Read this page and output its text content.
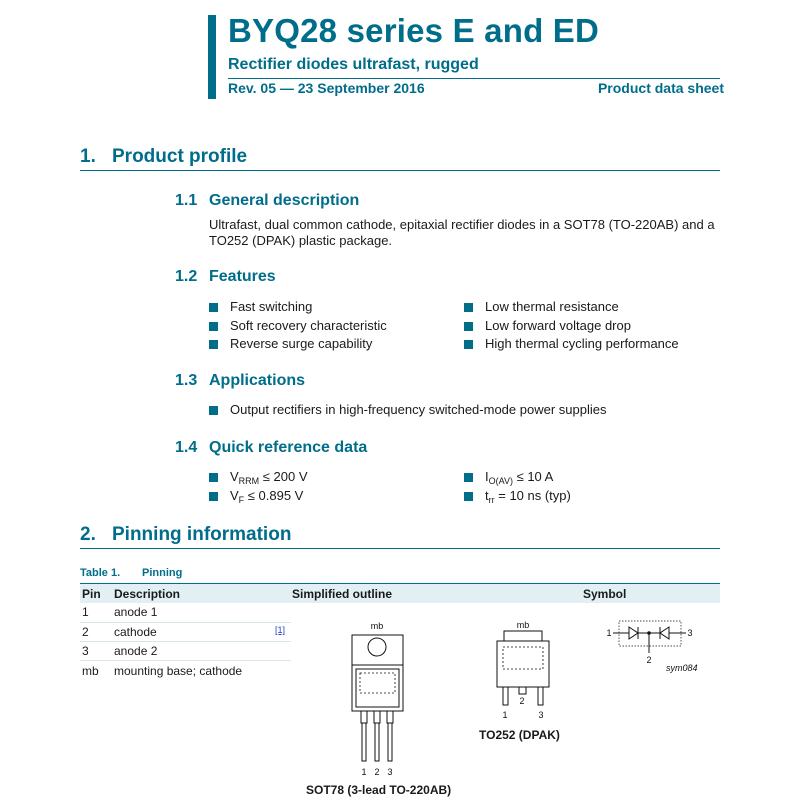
BYQ28 series E and ED
Rectifier diodes ultrafast, rugged
Rev. 05 — 23 September 2016	Product data sheet
1. Product profile
1.1 General description
Ultrafast, dual common cathode, epitaxial rectifier diodes in a SOT78 (TO-220AB) and a
TO252 (DPAK) plastic package.
1.2 Features
Fast switching
Soft recovery characteristic
Reverse surge capability
Low thermal resistance
Low forward voltage drop
High thermal cycling performance
1.3 Applications
Output rectifiers in high-frequency switched-mode power supplies
1.4 Quick reference data
$V_{RRM} \le 200$ V
$V_F \le 0.895$ V
$I_{O(AV)} \le 10$ A
$t_{rr} = 10$ ns (typ)
2. Pinning information
Table 1. Pinning
Pin Description	Simplified outline	Symbol
1 anode 1
2 cathode	[1]
3 anode 2
mb mounting base; cathode
mb
1 2 3
SOT78 (3-lead TO-220AB)
mb
2
1	3
TO252 (DPAK)
1	3
2
sym084
